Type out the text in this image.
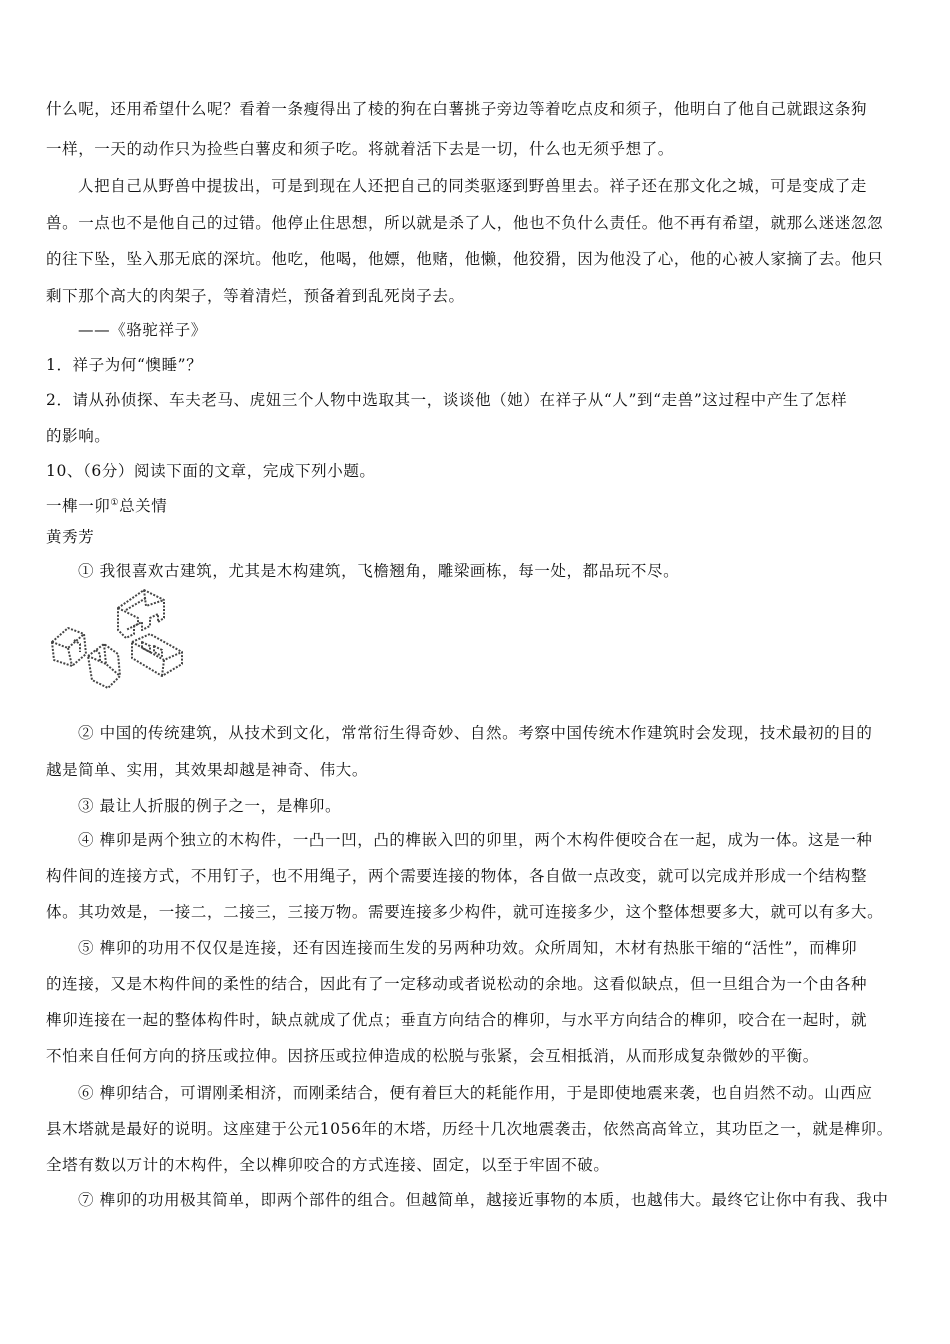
什么呢，还用希望什么呢？看着一条瘦得出了棱的狗在白薯挑子旁边等着吃点皮和须子，他明白了他自己就跟这条狗
一样，一天的动作只为捡些白薯皮和须子吃。将就着活下去是一切，什么也无须乎想了。
人把自己从野兽中提拔出，可是到现在人还把自己的同类驱逐到野兽里去。祥子还在那文化之城，可是变成了走
兽。一点也不是他自己的过错。他停止住思想，所以就是杀了人，他也不负什么责任。他不再有希望，就那么迷迷忽忽
的往下坠，坠入那无底的深坑。他吃，他喝，他嫖，他赌，他懒，他狡猾，因为他没了心，他的心被人家摘了去。他只
剩下那个高大的肉架子，等着清烂，预备着到乱死岗子去。
——《骆驼祥子》
1．祥子为何“懊睡”？
2．请从孙侦探、车夫老马、虎妞三个人物中选取其一，谈谈他（她）在祥子从“人”到“走兽”这过程中产生了怎样
的影响。
10、（6分）阅读下面的文章，完成下列小题。
一榫一卯①总关情
黄秀芳
① 我很喜欢古建筑，尤其是木构建筑，飞檐翘角，雕梁画栋，每一处，都品玩不尽。
② 中国的传统建筑，从技术到文化，常常衍生得奇妙、自然。考察中国传统木作建筑时会发现，技术最初的目的
越是简单、实用，其效果却越是神奇、伟大。
③ 最让人折服的例子之一，是榫卯。
④ 榫卯是两个独立的木构件，一凸一凹，凸的榫嵌入凹的卯里，两个木构件便咬合在一起，成为一体。这是一种
构件间的连接方式，不用钉子，也不用绳子，两个需要连接的物体，各自做一点改变，就可以完成并形成一个结构整
体。其功效是，一接二，二接三，三接万物。需要连接多少构件，就可连接多少，这个整体想要多大，就可以有多大。
⑤ 榫卯的功用不仅仅是连接，还有因连接而生发的另两种功效。众所周知，木材有热胀干缩的“活性”，而榫卯
的连接，又是木构件间的柔性的结合，因此有了一定移动或者说松动的余地。这看似缺点，但一旦组合为一个由各种
榫卯连接在一起的整体构件时，缺点就成了优点；垂直方向结合的榫卯，与水平方向结合的榫卯，咬合在一起时，就
不怕来自任何方向的挤压或拉伸。因挤压或拉伸造成的松脱与张紧，会互相抵消，从而形成复杂微妙的平衡。
⑥ 榫卯结合，可谓刚柔相济，而刚柔结合，便有着巨大的耗能作用，于是即使地震来袭，也自岿然不动。山西应
县木塔就是最好的说明。这座建于公元1056年的木塔，历经十几次地震袭击，依然高高耸立，其功臣之一，就是榫卯。
全塔有数以万计的木构件，全以榫卯咬合的方式连接、固定，以至于牢固不破。
⑦ 榫卯的功用极其简单，即两个部件的组合。但越简单，越接近事物的本质，也越伟大。最终它让你中有我、我中
